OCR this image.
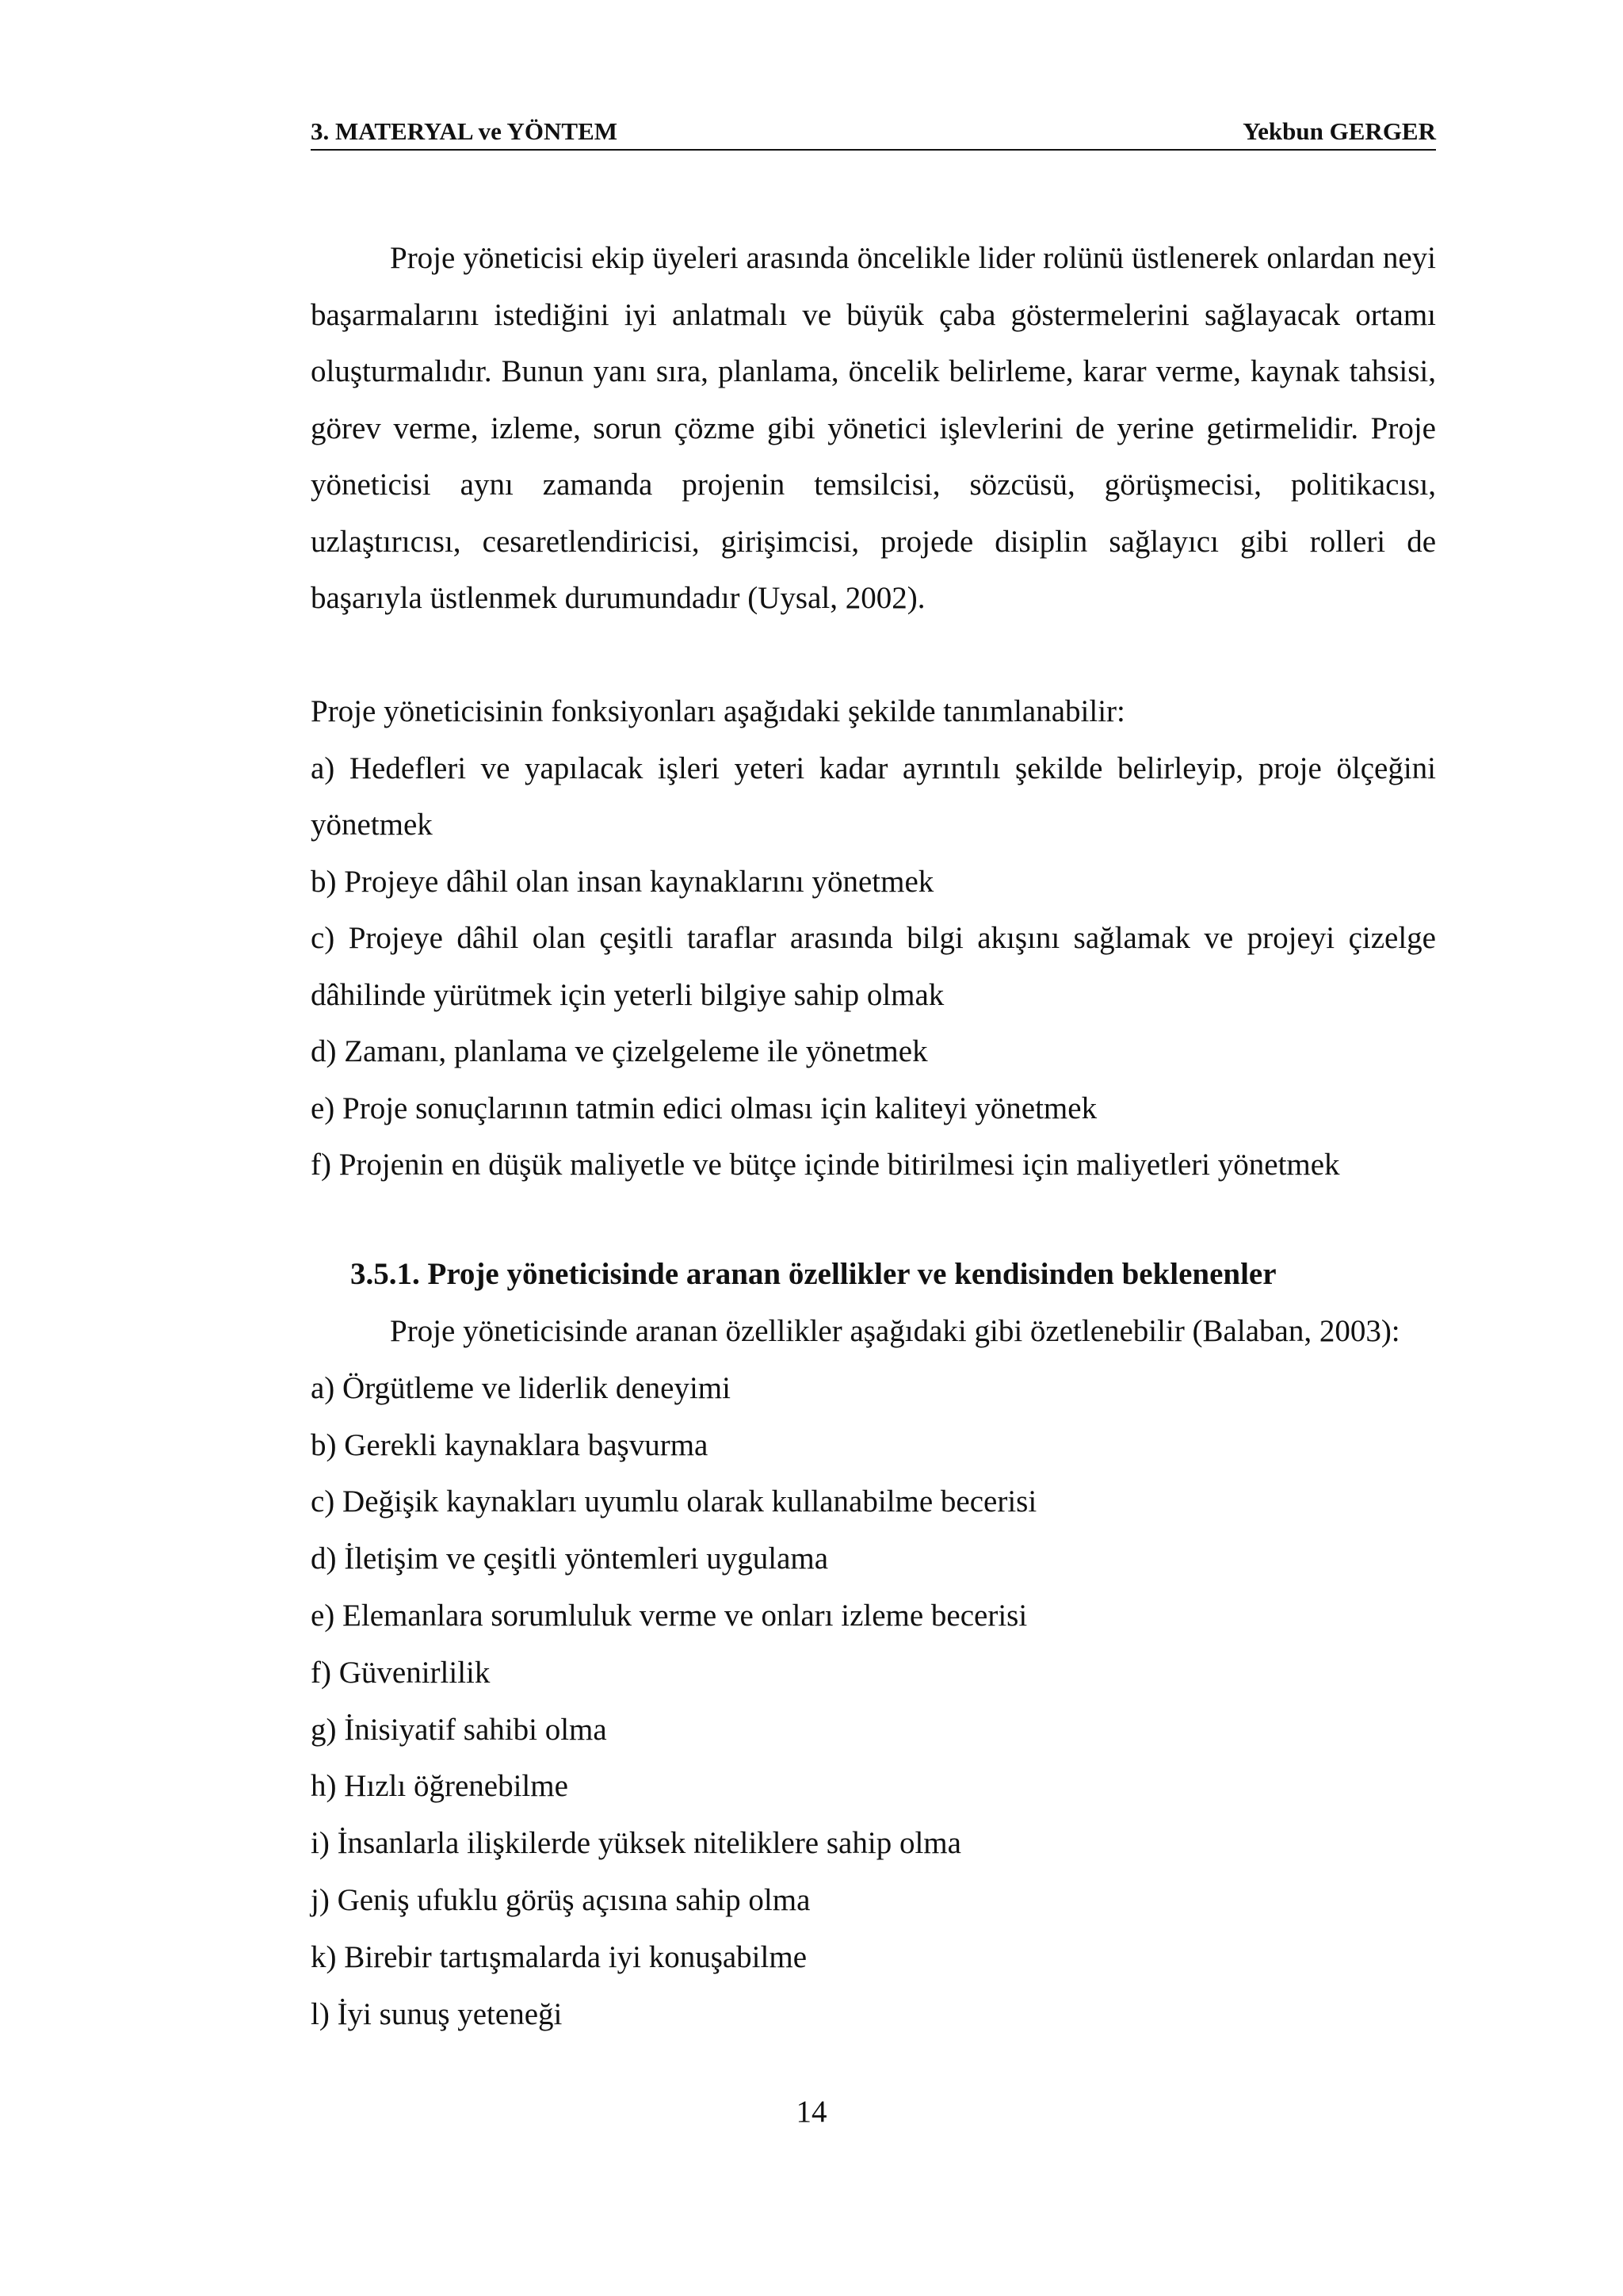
3. MATERYAL ve YÖNTEM	Yekbun GERGER

Proje yöneticisi ekip üyeleri arasında öncelikle lider rolünü üstlenerek onlardan neyi başarmalarını istediğini iyi anlatmalı ve büyük çaba göstermelerini sağlayacak ortamı oluşturmalıdır. Bunun yanı sıra, planlama, öncelik belirleme, karar verme, kaynak tahsisi, görev verme, izleme, sorun çözme gibi yönetici işlevlerini de yerine getirmelidir. Proje yöneticisi aynı zamanda projenin temsilcisi, sözcüsü, görüşmecisi, politikacısı, uzlaştırıcısı, cesaretlendiricisi, girişimcisi, projede disiplin sağlayıcı gibi rolleri de başarıyla üstlenmek durumundadır (Uysal, 2002).

Proje yöneticisinin fonksiyonları aşağıdaki şekilde tanımlanabilir:
a) Hedefleri ve yapılacak işleri yeteri kadar ayrıntılı şekilde belirleyip, proje ölçeğini yönetmek
b) Projeye dâhil olan insan kaynaklarını yönetmek
c) Projeye dâhil olan çeşitli taraflar arasında bilgi akışını sağlamak ve projeyi çizelge dâhilinde yürütmek için yeterli bilgiye sahip olmak
d) Zamanı, planlama ve çizelgeleme ile yönetmek
e) Proje sonuçlarının tatmin edici olması için kaliteyi yönetmek
f) Projenin en düşük maliyetle ve bütçe içinde bitirilmesi için maliyetleri yönetmek
3.5.1. Proje yöneticisinde aranan özellikler ve kendisinden beklenenler
Proje yöneticisinde aranan özellikler aşağıdaki gibi özetlenebilir (Balaban, 2003):
a) Örgütleme ve liderlik deneyimi
b) Gerekli kaynaklara başvurma
c) Değişik kaynakları uyumlu olarak kullanabilme becerisi
d) İletişim ve çeşitli yöntemleri uygulama
e) Elemanlara sorumluluk verme ve onları izleme becerisi
f) Güvenirlilik
g) İnisiyatif sahibi olma
h) Hızlı öğrenebilme
i) İnsanlarla ilişkilerde yüksek niteliklere sahip olma
j) Geniş ufuklu görüş açısına sahip olma
k) Birebir tartışmalarda iyi konuşabilme
l) İyi sunuş yeteneği
14
